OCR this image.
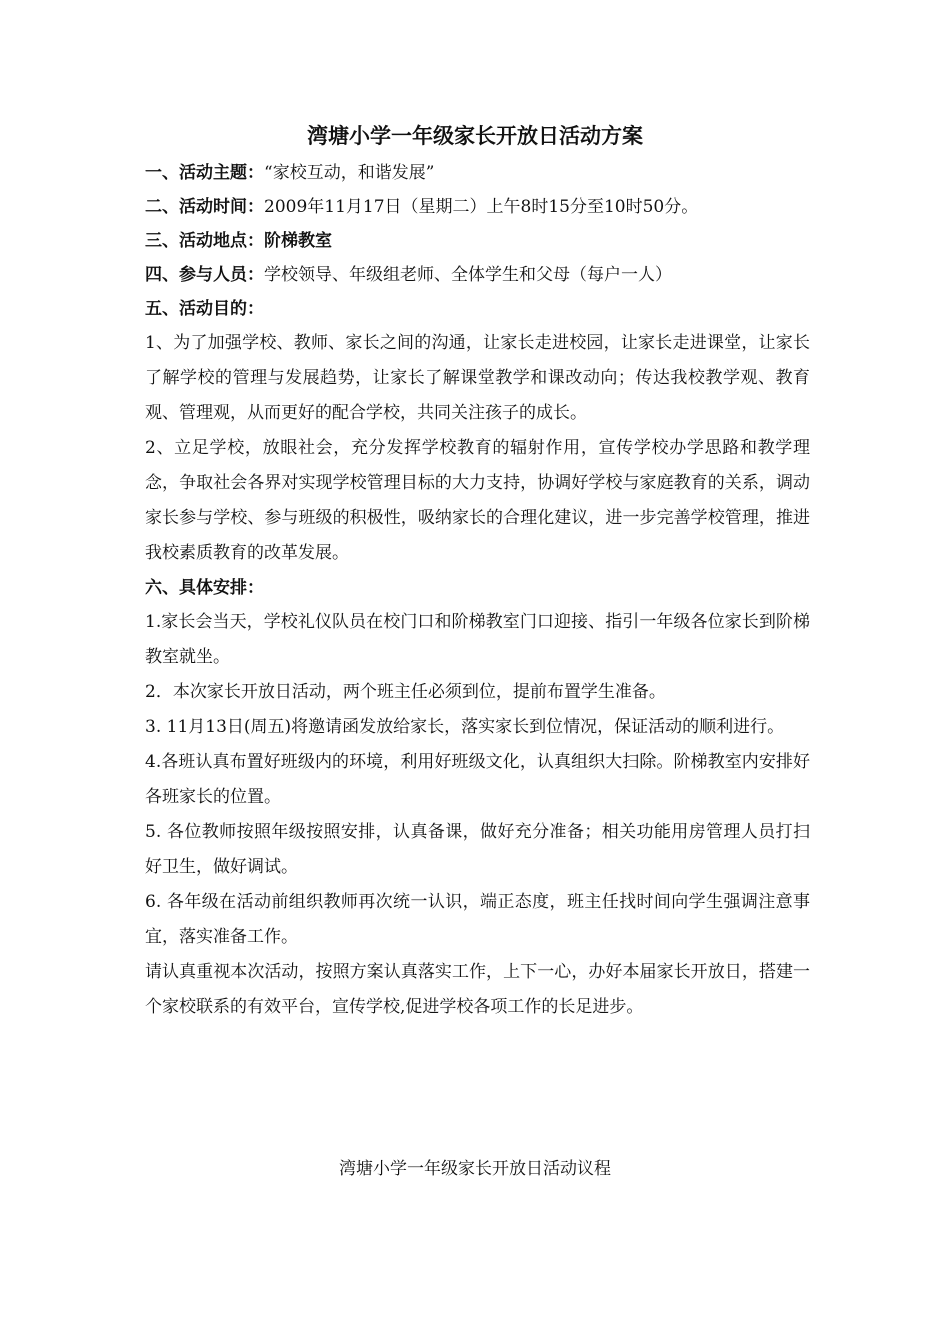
湾塘小学一年级家长开放日活动方案
一、活动主题：“家校互动，和谐发展”
二、活动时间：2009年11月17日（星期二）上午8时15分至10时50分。
三、活动地点：阶梯教室
四、参与人员：学校领导、年级组老师、全体学生和父母（每户一人）
五、活动目的：
1、为了加强学校、教师、家长之间的沟通，让家长走进校园，让家长走进课堂，让家长了解学校的管理与发展趋势，让家长了解课堂教学和课改动向；传达我校教学观、教育观、管理观，从而更好的配合学校，共同关注孩子的成长。
2、立足学校，放眼社会，充分发挥学校教育的辐射作用，宣传学校办学思路和教学理念，争取社会各界对实现学校管理目标的大力支持，协调好学校与家庭教育的关系，调动家长参与学校、参与班级的积极性，吸纳家长的合理化建议，进一步完善学校管理，推进我校素质教育的改革发展。
六、具体安排：
1.家长会当天，学校礼仪队员在校门口和阶梯教室门口迎接、指引一年级各位家长到阶梯教室就坐。
2．本次家长开放日活动，两个班主任必须到位，提前布置学生准备。
3. 11月13日(周五)将邀请函发放给家长，落实家长到位情况，保证活动的顺利进行。
4.各班认真布置好班级内的环境，利用好班级文化，认真组织大扫除。阶梯教室内安排好各班家长的位置。
5. 各位教师按照年级按照安排，认真备课，做好充分准备；相关功能用房管理人员打扫好卫生，做好调试。
6. 各年级在活动前组织教师再次统一认识，端正态度，班主任找时间向学生强调注意事宜，落实准备工作。
请认真重视本次活动，按照方案认真落实工作，上下一心，办好本届家长开放日，搭建一个家校联系的有效平台，宣传学校,促进学校各项工作的长足进步。
湾塘小学一年级家长开放日活动议程
